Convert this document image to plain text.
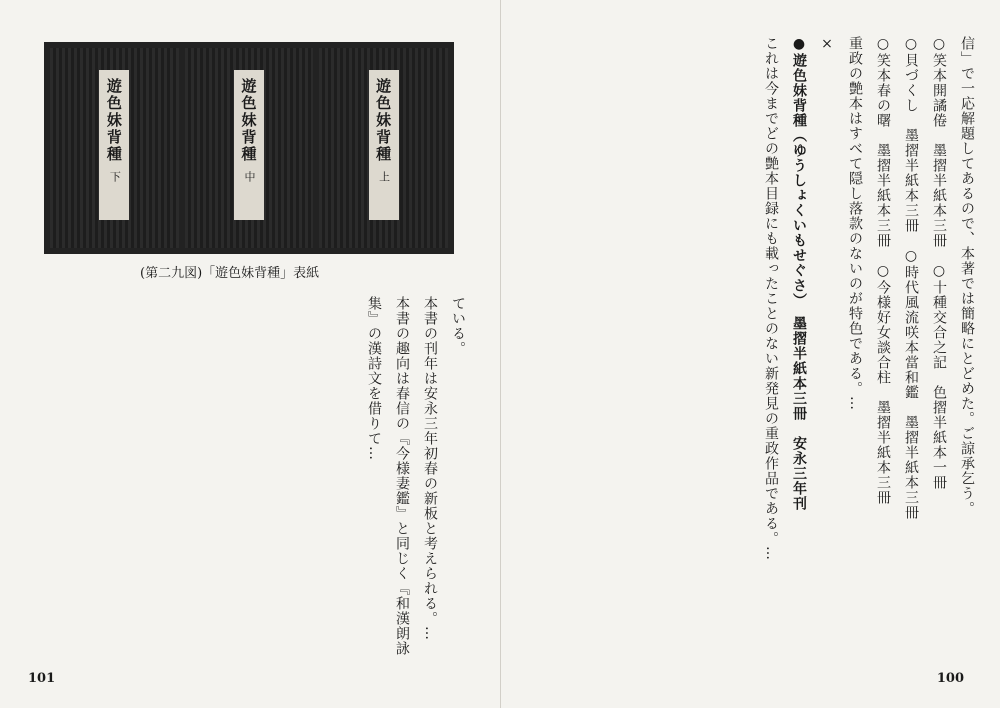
遊色妹背種
下
遊色妹背種
中
遊色妹背種
上
(第二九図)「遊色妹背種」表紙

ている。

本書の刊年は安永三年初春の新板と考えられる。…

本書の趣向は春信の『今様妻鑑』と同じく『和漢朗詠集』の漢詩文を借りて…

101

信」で一応解題してあるので、本著では簡略にとどめた。ご諒承乞う。

○笑本開譎倦　墨摺半紙本三冊　○十種交合之記　色摺半紙本一冊

○貝づくし　墨摺半紙本三冊　○時代風流咲本當和鑑　墨摺半紙本三冊

○笑本春の曙　墨摺半紙本三冊　○今様好女談合柱　墨摺半紙本三冊

重政の艶本はすべて隠し落款のないのが特色である。…

×

●遊色妹背種（ゆうしょくいもせぐさ）　墨摺半紙本三冊　安永三年刊

これは今までどの艶本目録にも載ったことのない新発見の重政作品である。…

100
